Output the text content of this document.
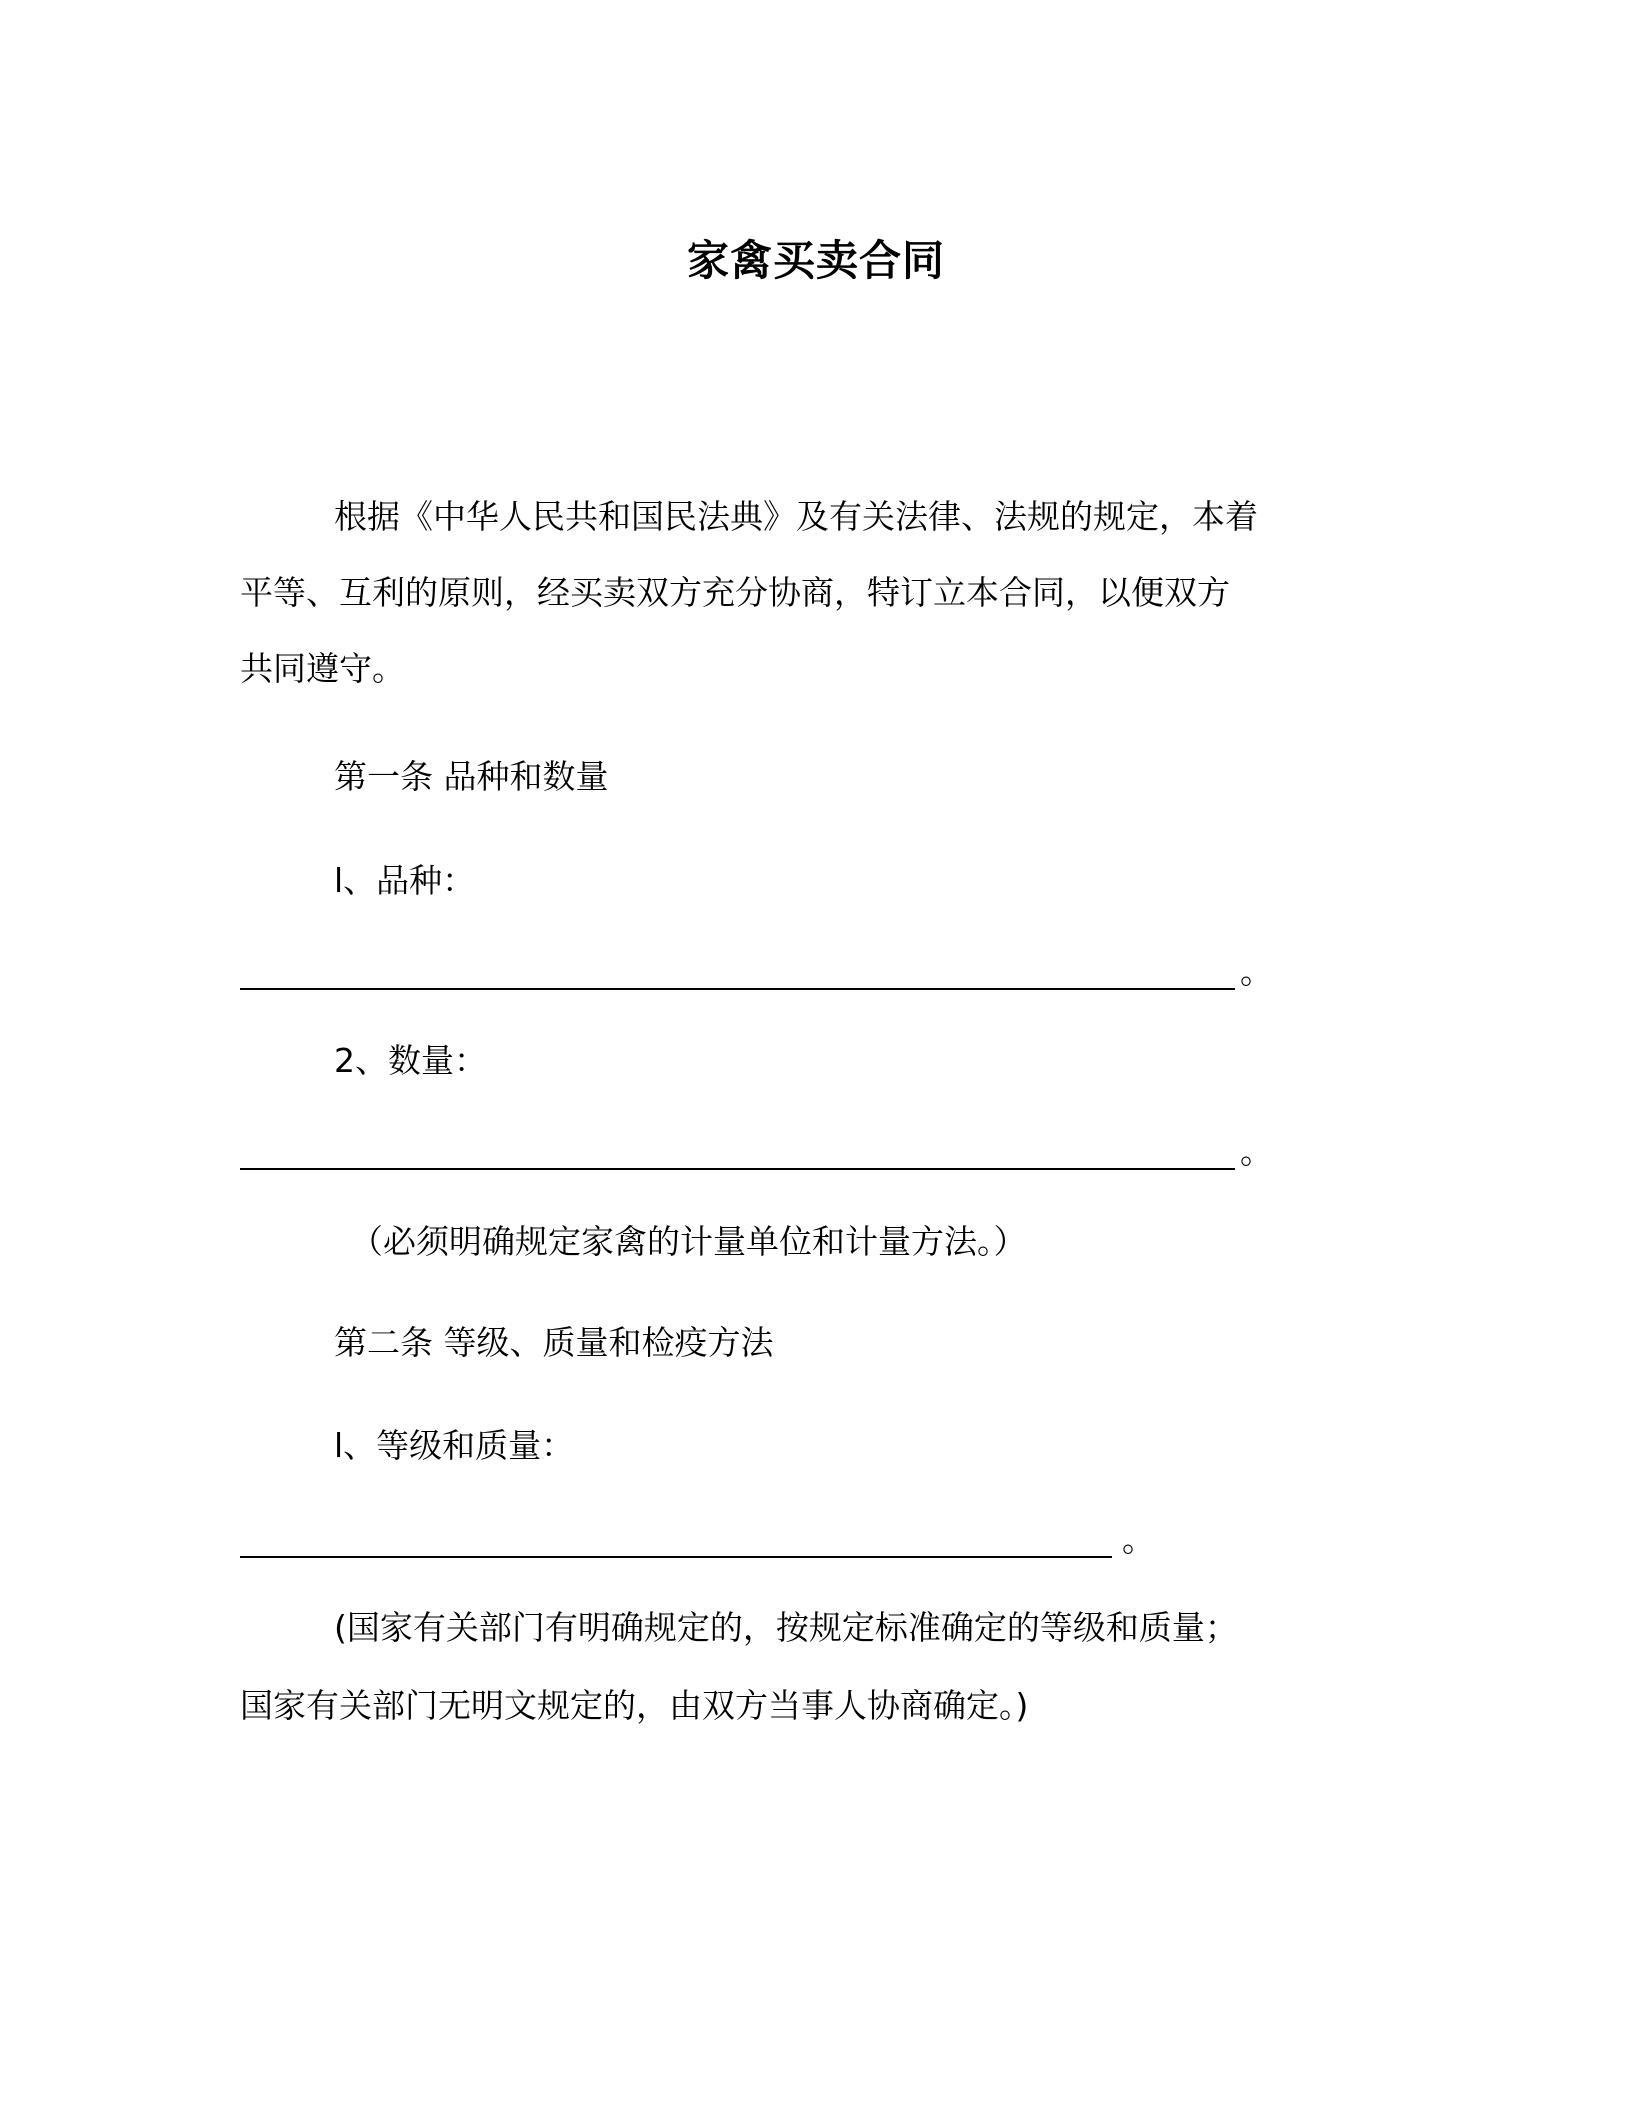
家禽买卖合同
根据《中华人民共和国民法典》及有关法律、法规的规定，本着
平等、互利的原则，经买卖双方充分协商，特订立本合同，以便双方
共同遵守。
第一条 品种和数量
l、品种：
。
2、数量：
。
（必须明确规定家禽的计量单位和计量方法。）
第二条 等级、质量和检疫方法
l、等级和质量：
。
(国家有关部门有明确规定的，按规定标准确定的等级和质量；
国家有关部门无明文规定的，由双方当事人协商确定。)
